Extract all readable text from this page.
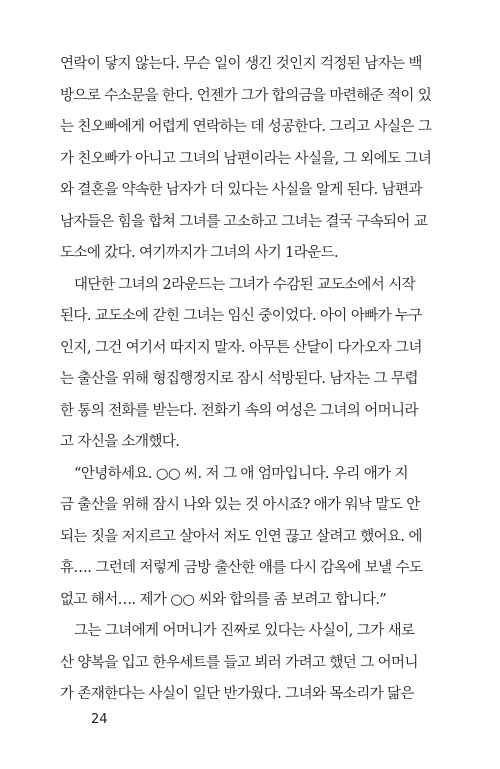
연락이 닿지 않는다. 무슨 일이 생긴 것인지 걱정된 남자는 백
방으로 수소문을 한다. 언젠가 그가 합의금을 마련해준 적이 있
는 친오빠에게 어렵게 연락하는 데 성공한다. 그리고 사실은 그
가 친오빠가 아니고 그녀의 남편이라는 사실을, 그 외에도 그녀
와 결혼을 약속한 남자가 더 있다는 사실을 알게 된다. 남편과
남자들은 힘을 합쳐 그녀를 고소하고 그녀는 결국 구속되어 교
도소에 갔다. 여기까지가 그녀의 사기 1라운드.
대단한 그녀의 2라운드는 그녀가 수감된 교도소에서 시작
된다. 교도소에 갇힌 그녀는 임신 중이었다. 아이 아빠가 누구
인지, 그건 여기서 따지지 말자. 아무튼 산달이 다가오자 그녀
는 출산을 위해 형집행정지로 잠시 석방된다. 남자는 그 무렵
한 통의 전화를 받는다. 전화기 속의 여성은 그녀의 어머니라
고 자신을 소개했다.
“안녕하세요. ○○ 씨. 저 그 애 엄마입니다. 우리 애가 지
금 출산을 위해 잠시 나와 있는 것 아시죠? 애가 워낙 말도 안
되는 짓을 저지르고 살아서 저도 인연 끊고 살려고 했어요. 에
휴…. 그런데 저렇게 금방 출산한 애를 다시 감옥에 보낼 수도
없고 해서…. 제가 ○○ 씨와 합의를 좀 보려고 합니다.”
그는 그녀에게 어머니가 진짜로 있다는 사실이, 그가 새로
산 양복을 입고 한우세트를 들고 뵈러 가려고 했던 그 어머니
가 존재한다는 사실이 일단 반가웠다. 그녀와 목소리가 닮은
24
